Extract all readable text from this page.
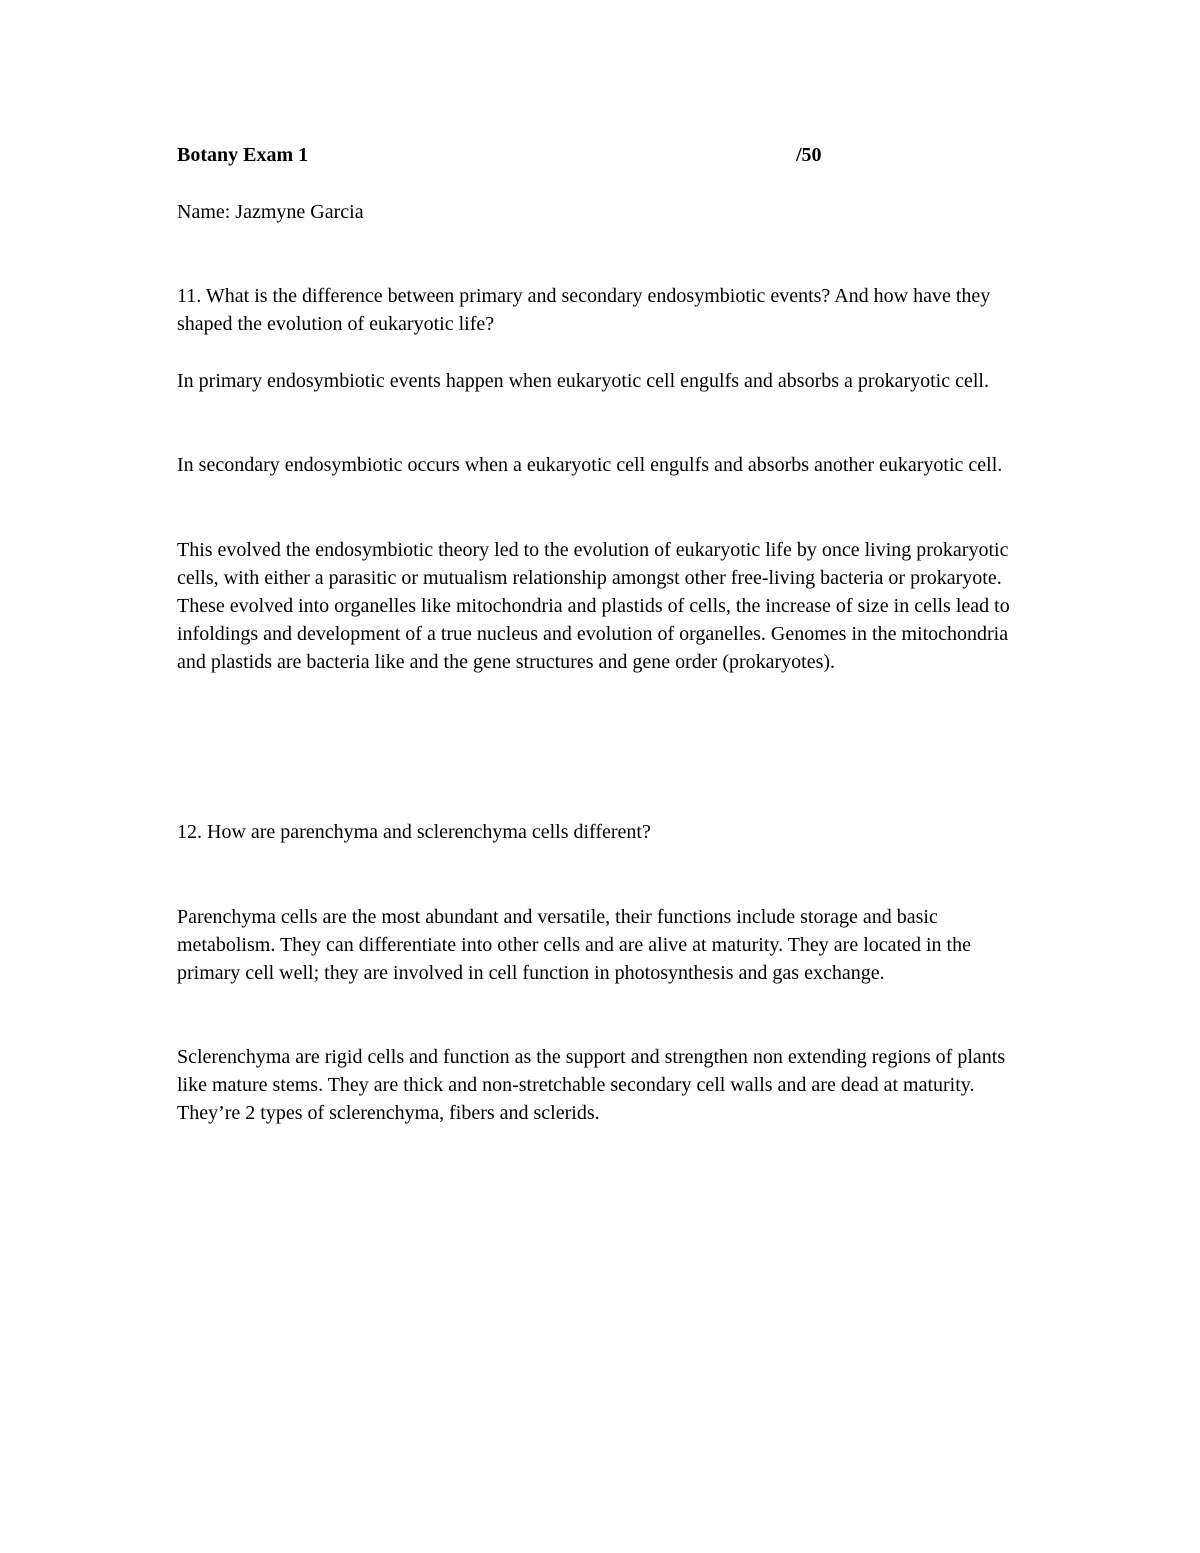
Botany Exam 1	/50

Name: Jazmyne Garcia

11. What is the difference between primary and secondary endosymbiotic events? And how have they shaped the evolution of eukaryotic life?

In primary endosymbiotic events happen when eukaryotic cell engulfs and absorbs a prokaryotic cell.

In secondary endosymbiotic occurs when a eukaryotic cell engulfs and absorbs another eukaryotic cell.

This evolved the endosymbiotic theory led to the evolution of eukaryotic life by once living prokaryotic cells, with either a parasitic or mutualism relationship amongst other free-living bacteria or prokaryote. These evolved into organelles like mitochondria and plastids of cells, the increase of size in cells lead to infoldings and development of a true nucleus and evolution of organelles. Genomes in the mitochondria and plastids are bacteria like and the gene structures and gene order (prokaryotes).

12. How are parenchyma and sclerenchyma cells different?

Parenchyma cells are the most abundant and versatile, their functions include storage and basic metabolism. They can differentiate into other cells and are alive at maturity. They are located in the primary cell well; they are involved in cell function in photosynthesis and gas exchange.

Sclerenchyma are rigid cells and function as the support and strengthen non extending regions of plants like mature stems. They are thick and non-stretchable secondary cell walls and are dead at maturity. They’re 2 types of sclerenchyma, fibers and sclerids.
